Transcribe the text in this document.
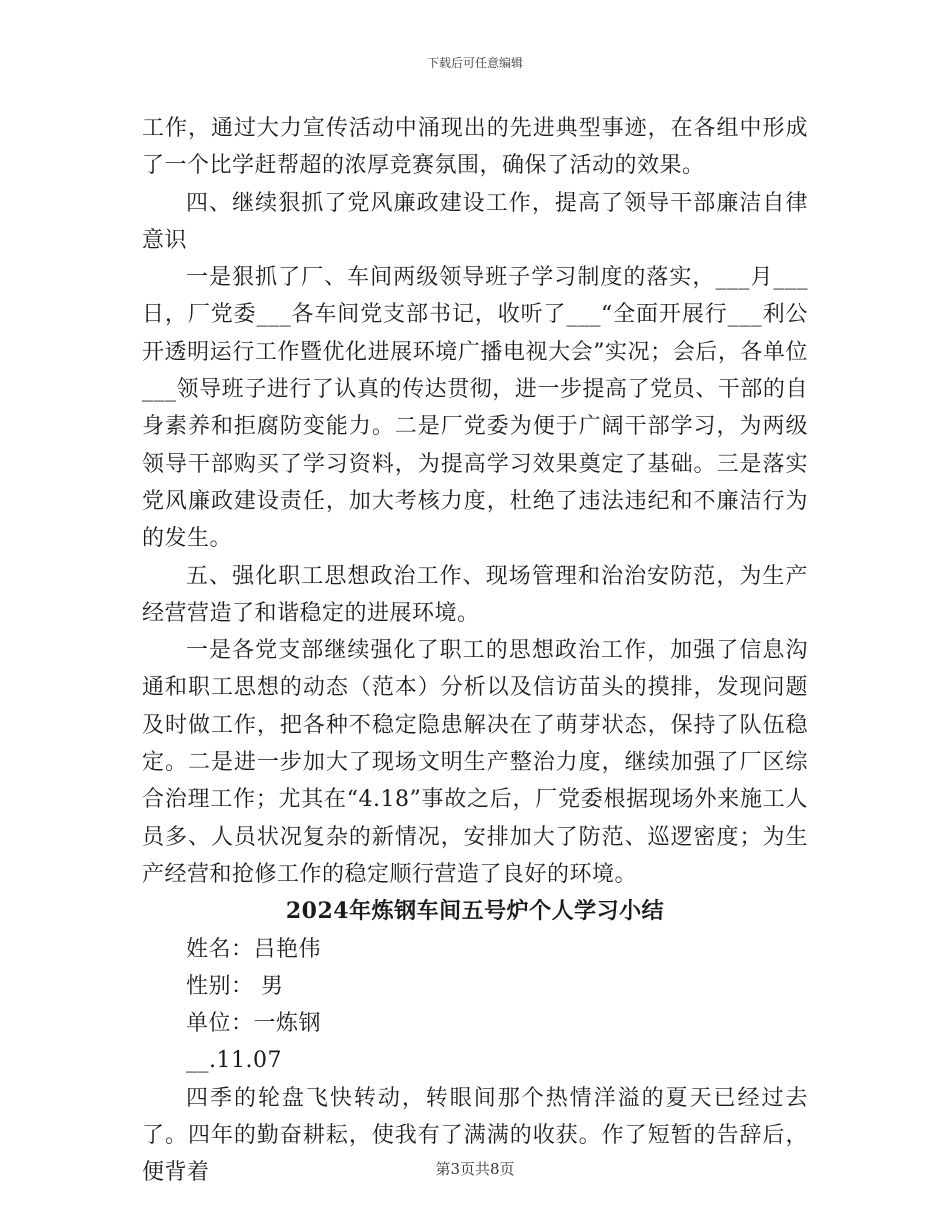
下载后可任意编辑

工作，通过大力宣传活动中涌现出的先进典型事迹，在各组中形成了一个比学赶帮超的浓厚竞赛氛围，确保了活动的效果。

四、继续狠抓了党风廉政建设工作，提高了领导干部廉洁自律意识

一是狠抓了厂、车间两级领导班子学习制度的落实，___月___日，厂党委___各车间党支部书记，收听了___“全面开展行___利公开透明运行工作暨优化进展环境广播电视大会”实况；会后，各单位___领导班子进行了认真的传达贯彻，进一步提高了党员、干部的自身素养和拒腐防变能力。二是厂党委为便于广阔干部学习，为两级领导干部购买了学习资料，为提高学习效果奠定了基础。三是落实党风廉政建设责任，加大考核力度，杜绝了违法违纪和不廉洁行为的发生。

五、强化职工思想政治工作、现场管理和治治安防范，为生产经营营造了和谐稳定的进展环境。

一是各党支部继续强化了职工的思想政治工作，加强了信息沟通和职工思想的动态（范本）分析以及信访苗头的摸排，发现问题及时做工作，把各种不稳定隐患解决在了萌芽状态，保持了队伍稳定。二是进一步加大了现场文明生产整治力度，继续加强了厂区综合治理工作；尤其在“4.18”事故之后，厂党委根据现场外来施工人员多、人员状况复杂的新情况，安排加大了防范、巡逻密度；为生产经营和抢修工作的稳定顺行营造了良好的环境。

2024年炼钢车间五号炉个人学习小结

姓名：吕艳伟

性别： 男

单位：一炼钢

__.11.07

四季的轮盘飞快转动，转眼间那个热情洋溢的夏天已经过去了。四年的勤奋耕耘，使我有了满满的收获。作了短暂的告辞后，便背着	第3页共8页
